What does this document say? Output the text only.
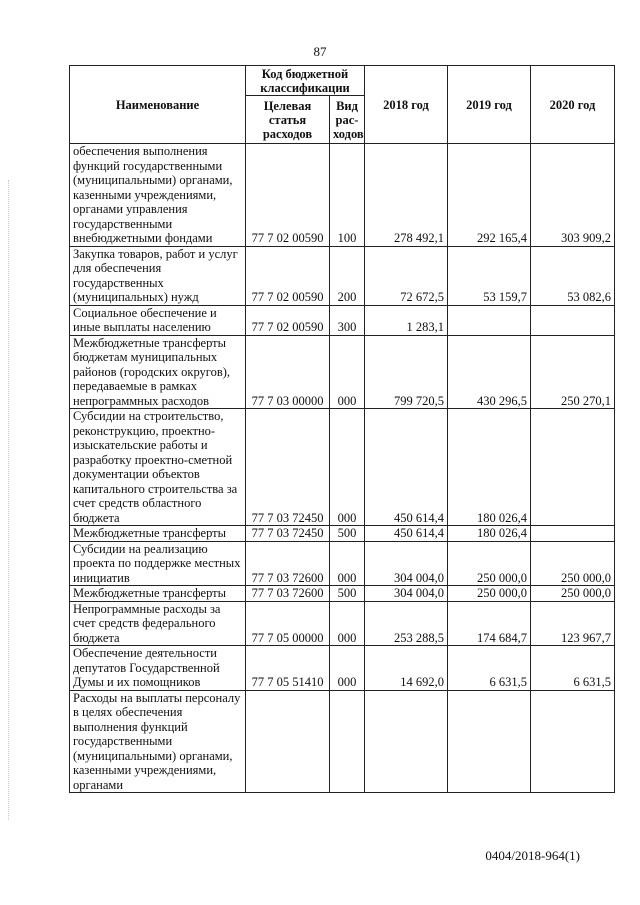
87
Наименование	Код бюджетной классификации		2018 год	2019 год	2020 год
	Целевая статья расходов	Вид рас- ходов			
обеспечения выполнения функций государственными (муниципальными) органами, казенными учреждениями, органами управления государственными внебюджетными фондами	77 7 02 00590	100	278 492,1	292 165,4	303 909,2
Закупка товаров, работ и услуг для обеспечения государственных (муниципальных) нужд	77 7 02 00590	200	72 672,5	53 159,7	53 082,6
Социальное обеспечение и иные выплаты населению	77 7 02 00590	300	1 283,1		
Межбюджетные трансферты бюджетам муниципальных районов (городских округов), передаваемые в рамках непрограммных расходов	77 7 03 00000	000	799 720,5	430 296,5	250 270,1
Субсидии на строительство, реконструкцию, проектно-изыскательские работы и разработку проектно-сметной документации объектов капитального строительства за счет средств областного бюджета	77 7 03 72450	000	450 614,4	180 026,4	
Межбюджетные трансферты	77 7 03 72450	500	450 614,4	180 026,4	
Субсидии на реализацию проекта по поддержке местных инициатив	77 7 03 72600	000	304 004,0	250 000,0	250 000,0
Межбюджетные трансферты	77 7 03 72600	500	304 004,0	250 000,0	250 000,0
Непрограммные расходы за счет средств федерального бюджета	77 7 05 00000	000	253 288,5	174 684,7	123 967,7
Обеспечение деятельности депутатов Государственной Думы и их помощников	77 7 05 51410	000	14 692,0	6 631,5	6 631,5
Расходы на выплаты персоналу в целях обеспечения выполнения функций государственными (муниципальными) органами, казенными учреждениями, органами					
0404/2018-964(1)
